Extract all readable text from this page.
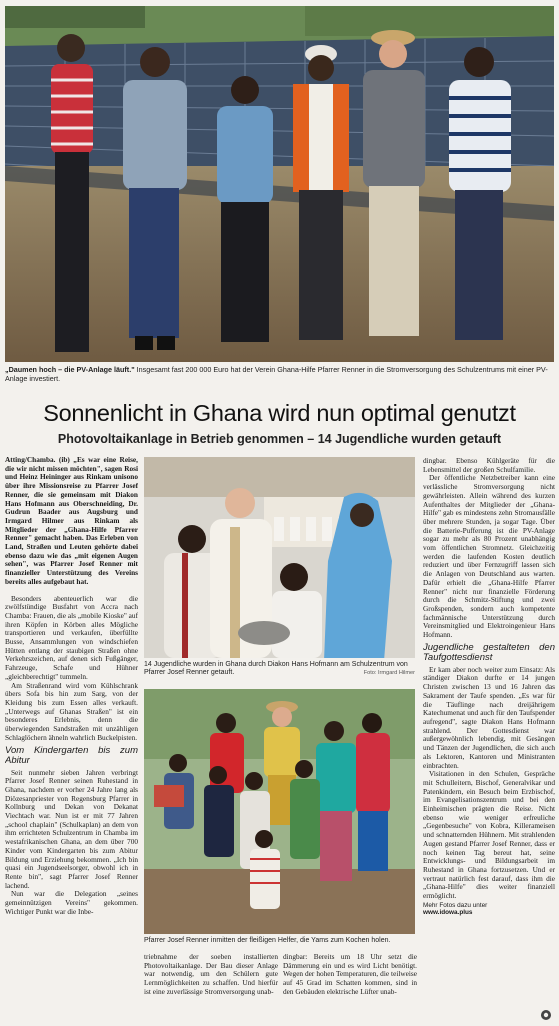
„Daumen hoch – die PV-Anlage läuft." Insgesamt fast 200 000 Euro hat der Verein Ghana-Hilfe Pfarrer Renner in die Stromversorgung des Schulzentrums mit einer PV-Anlage investiert.
Sonnenlicht in Ghana wird nun optimal genutzt
Photovoltaikanlage in Betrieb genommen – 14 Jugendliche wurden getauft

Atting/Chamba. (ib) „Es war eine Reise, die wir nicht missen möchten", sagen Rosi und Heinz Heininger aus Rinkam unisono über ihre Missionsreise zu Pfarrer Josef Renner, die sie gemeinsam mit Diakon Hans Hofmann aus Oberschneiding, Dr. Gudrun Baader aus Augsburg und Irmgard Hilmer aus Rinkam als Mitglieder der „Ghana-Hilfe Pfarrer Renner" gemacht haben. Das Erleben von Land, Straßen und Leuten gehörte dabei ebenso dazu wie das „mit eigenen Augen sehen", was Pfarrer Josef Renner mit finanzieller Unterstützung des Vereins bereits alles aufgebaut hat.

Besonders abenteuerlich war die zwölfstündige Busfahrt von Accra nach Chamba: Frauen, die als „mobile Kioske" auf ihren Köpfen in Körben alles Mögliche transportieren und verkaufen, überfüllte Busse, Ansammlungen von windschiefen Hütten entlang der staubigen Straßen ohne Verkehrszeichen, auf denen sich Fußgänger, Fahrzeuge, Schafe und Hühner „gleichberechtigt" tummeln.

Am Straßenrand wird vom Kühlschrank übers Sofa bis hin zum Sarg, von der Kleidung bis zum Essen alles verkauft. „Unterwegs auf Ghanas Straßen" ist ein besonderes Erlebnis, denn die überwiegenden Sandstraßen mit unzähligen Schlaglöchern ähneln wahrlich Buckelpisten.

Vom Kindergarten bis zum Abitur

Seit nunmehr sieben Jahren verbringt Pfarrer Josef Renner seinen Ruhestand in Ghana, nachdem er vorher 24 Jahre lang als Diözesanpriester von Regensburg Pfarrer in Kollnburg und Dekan von Dekanat Viechtach war. Nun ist er mit 77 Jahren „school chaplain" (Schulkaplan) an dem von ihm errichteten Schulzentrum in Chamba im westafrikanischen Ghana, an dem über 700 Kinder vom Kindergarten bis zum Abitur Bildung und Erziehung bekommen. „Ich bin quasi ein Jugendseelsorger, obwohl ich in Rente bin", sagt Pfarrer Josef Renner lachend.

Nun war die Delegation „seines gemeinnützigen Vereins" gekommen. Wichtiger Punkt war die Inbe-

14 Jugendliche wurden in Ghana durch Diakon Hans Hofmann am Schulzentrum von Pfarrer Josef Renner getauft.	Foto: Irmgard Hilmer
Pfarrer Josef Renner inmitten der fleißigen Helfer, die Yams zum Kochen holen.

triebnahme der soeben installierten Photovoltaikanlage. Der Bau dieser Anlage war notwendig, um den Schülern gute Lernmöglichkeiten zu schaffen. Und hierfür ist eine zuverlässige Stromversorgung unab-

dingbar: Bereits um 18 Uhr setzt die Dämmerung ein und es wird Licht benötigt. Wegen der hohen Temperaturen, die teilweise auf 45 Grad im Schatten kommen, sind in den Gebäuden elektrische Lüfter unab-

dingbar. Ebenso Kühlgeräte für die Lebensmittel der großen Schulfamilie.

Der öffentliche Netzbetreiber kann eine verlässliche Stromversorgung nicht gewährleisten. Allein während des kurzen Aufenthaltes der Mitglieder der „Ghana-Hilfe" gab es mindestens zehn Stromausfälle über mehrere Stunden, ja sogar Tage. Über die Batterie-Pufferung ist die PV-Anlage sogar zu mehr als 80 Prozent unabhängig vom öffentlichen Stromnetz. Gleichzeitig werden die laufenden Kosten deutlich reduziert und über Fernzugriff lassen sich die Anlagen von Deutschland aus warten. Dafür erhielt die „Ghana-Hilfe Pfarrer Renner" nicht nur finanzielle Förderung durch die Schmitz-Stiftung und zwei Großspenden, sondern auch kompetente fachmännische Unterstützung durch Vereinsmitglied und Elektroingenieur Hans Hofmann.

Jugendliche gestalteten den Taufgottesdienst

Er kam aber noch weiter zum Einsatz: Als ständiger Diakon durfte er 14 jungen Christen zwischen 13 und 16 Jahren das Sakrament der Taufe spenden. „Es war für die Täuflinge nach dreijährigem Katechumenat und auch für den Taufspender aufregend", sagte Diakon Hans Hofmann strahlend. Der Gottesdienst war außergewöhnlich lebendig, mit Gesängen und Tänzen der Jugendlichen, die sich auch als Lektoren, Kantoren und Ministranten einbrachten.

Visitationen in den Schulen, Gespräche mit Schulleitern, Bischof, Generalvikar und Patenkindern, ein Besuch beim Erzbischof, im Evangelisationszentrum und bei den Einheimischen prägten die Reise. Nicht ebenso wie weniger erfreuliche „Gegenbesuche" von Kobra, Killerameisen und schnatternden Hühnern. Mit strahlenden Augen gestand Pfarrer Josef Renner, dass er noch keinen Tag bereut hat, seine Entwicklungs- und Bildungsarbeit im Ruhestand in Ghana fortzusetzen. Und er vertraut natürlich fest darauf, dass ihm die „Ghana-Hilfe" dies weiter finanziell ermöglicht.

Mehr Fotos dazu unter
www.idowa.plus
